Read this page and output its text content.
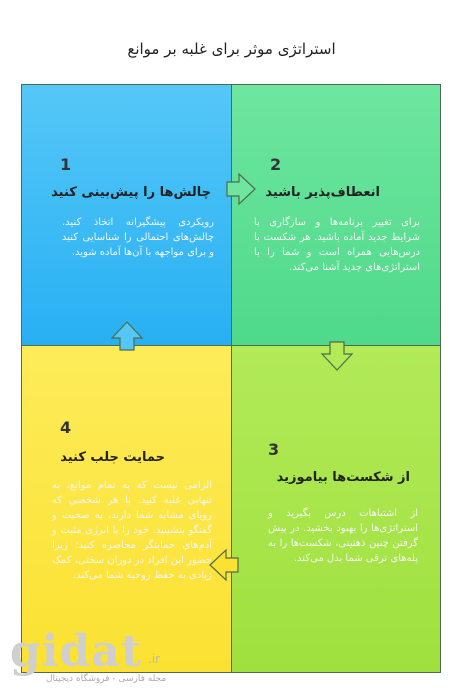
استراتژی موثر برای غلبه بر موانع
1
چالش‌ها را پیش‌بینی کنید
رویکردی پیشگیرانه اتخاذ کنید. چالش‌های احتمالی را شناسایی کنید و برای مواجهه با آن‌ها آماده شوید.
2
انعطاف‌پذیر باشید
برای تغییر برنامه‌ها و سازگاری با شرایط جدید آماده باشید. هر شکست با درس‌هایی همراه است و شما را با استراتژی‌های جدید آشنا می‌کند.
4
حمایت جلب کنید
الزامی نیست که به تمام موانع، به تنهایی غلبه کنید. با هر شخصی که رویای مشابه شما دارند، به صحبت و گفتگو بنشینید. خود را با انرژی مثبت و آدم‌های حمایتگر محاصره کنید؛ زیرا حضور این افراد در دوران سختی، کمک زیادی به حفظ روحیه شما می‌کند.
3
از شکست‌ها بیاموزید
از اشتباهات درس بگیرید و استراتژی‌ها را بهبود بخشید. در پیش گرفتن چنین ذهنیتی، شکست‌ها را به پله‌های ترقی شما بدل می‌کند.
gidat .ir
مجله فارسی - فروشگاه دیجیتال
